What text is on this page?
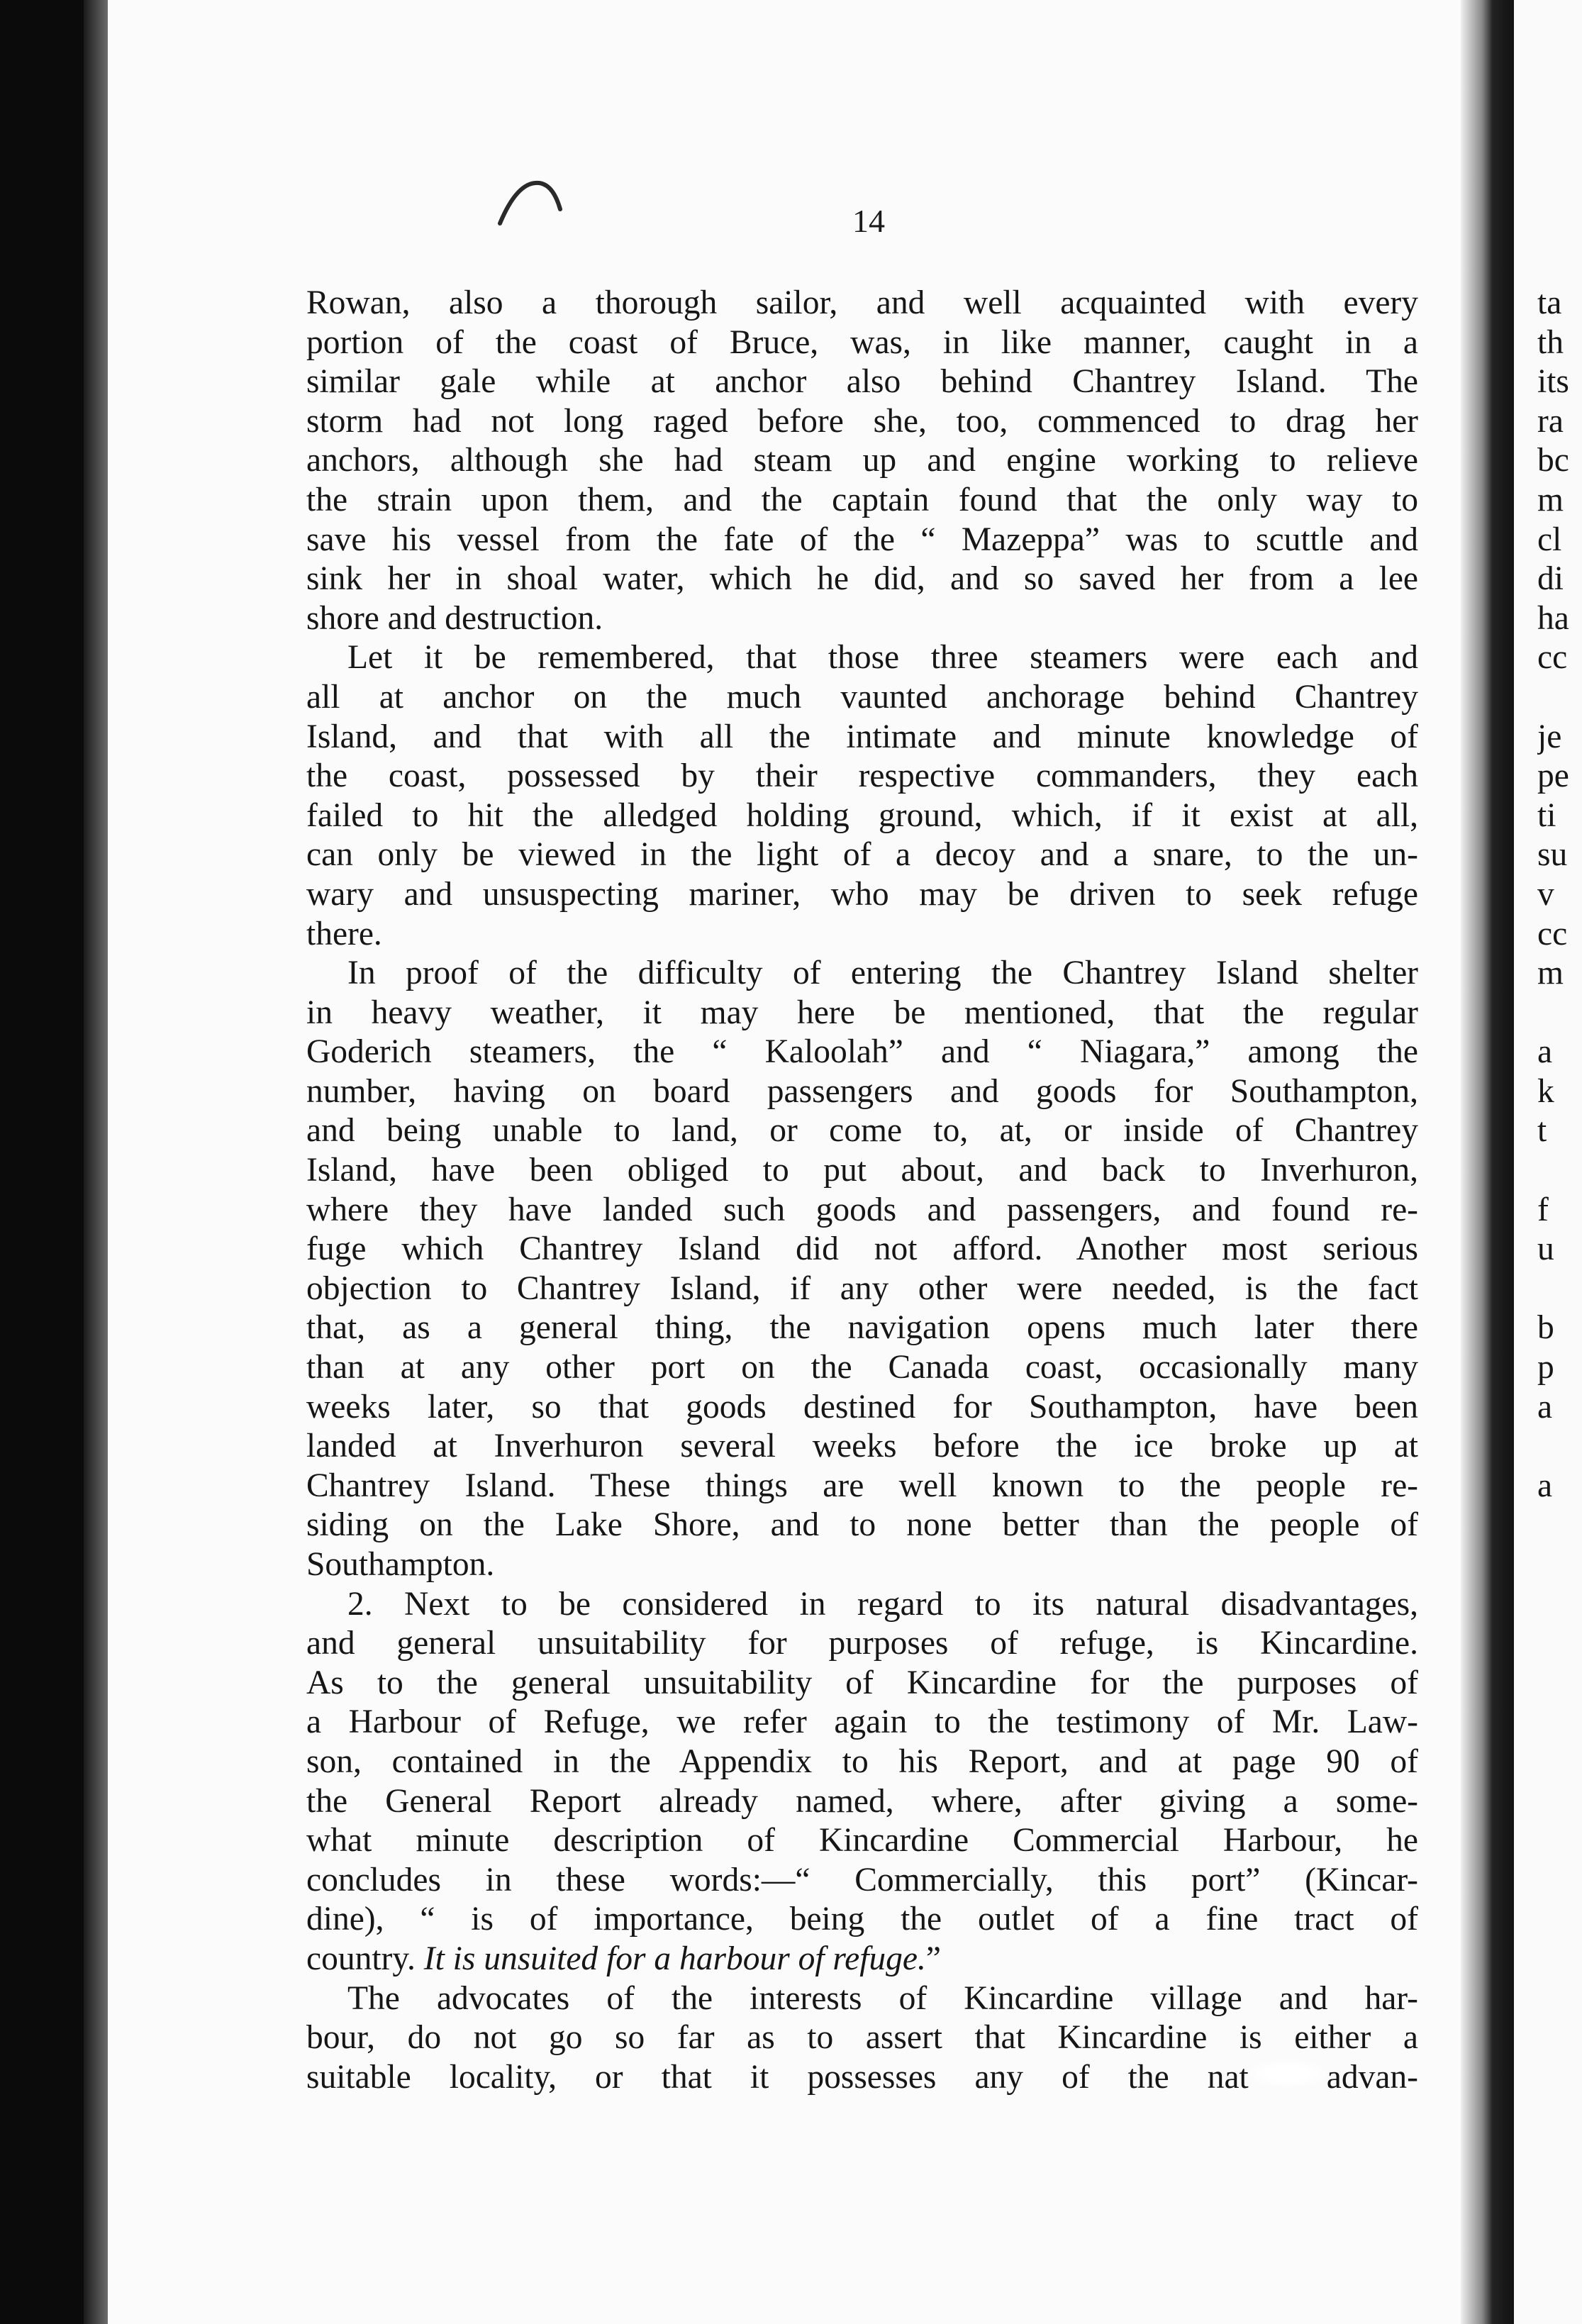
14
Rowan, also a thorough sailor, and well acquainted with every
portion of the coast of Bruce, was, in like manner, caught in a
similar gale while at anchor also behind Chantrey Island. The
storm had not long raged before she, too, commenced to drag her
anchors, although she had steam up and engine working to relieve
the strain upon them, and the captain found that the only way to
save his vessel from the fate of the “ Mazeppa” was to scuttle and
sink her in shoal water, which he did, and so saved her from a lee
shore and destruction.
Let it be remembered, that those three steamers were each and
all at anchor on the much vaunted anchorage behind Chantrey
Island, and that with all the intimate and minute knowledge of
the coast, possessed by their respective commanders, they each
failed to hit the alledged holding ground, which, if it exist at all,
can only be viewed in the light of a decoy and a snare, to the un-
wary and unsuspecting mariner, who may be driven to seek refuge
there.
In proof of the difficulty of entering the Chantrey Island shelter
in heavy weather, it may here be mentioned, that the regular
Goderich steamers, the “ Kaloolah” and “ Niagara,” among the
number, having on board passengers and goods for Southampton,
and being unable to land, or come to, at, or inside of Chantrey
Island, have been obliged to put about, and back to Inverhuron,
where they have landed such goods and passengers, and found re-
fuge which Chantrey Island did not afford. Another most serious
objection to Chantrey Island, if any other were needed, is the fact
that, as a general thing, the navigation opens much later there
than at any other port on the Canada coast, occasionally many
weeks later, so that goods destined for Southampton, have been
landed at Inverhuron several weeks before the ice broke up at
Chantrey Island. These things are well known to the people re-
siding on the Lake Shore, and to none better than the people of
Southampton.
2. Next to be considered in regard to its natural disadvantages,
and general unsuitability for purposes of refuge, is Kincardine.
As to the general unsuitability of Kincardine for the purposes of
a Harbour of Refuge, we refer again to the testimony of Mr. Law-
son, contained in the Appendix to his Report, and at page 90 of
the General Report already named, where, after giving a some-
what minute description of Kincardine Commercial Harbour, he
concludes in these words:—“ Commercially, this port” (Kincar-
dine), “ is of importance, being the outlet of a fine tract of
country. It is unsuited for a harbour of refuge.”
The advocates of the interests of Kincardine village and har-
bour, do not go so far as to assert that Kincardine is either a
suitable locality, or that it possesses any of the nat advan-
ta
th
its
ra
bc
m
cl
di
ha
cc
je
pe
ti
su
v
cc
m
a
k
t
f
u
b
p
a
a
